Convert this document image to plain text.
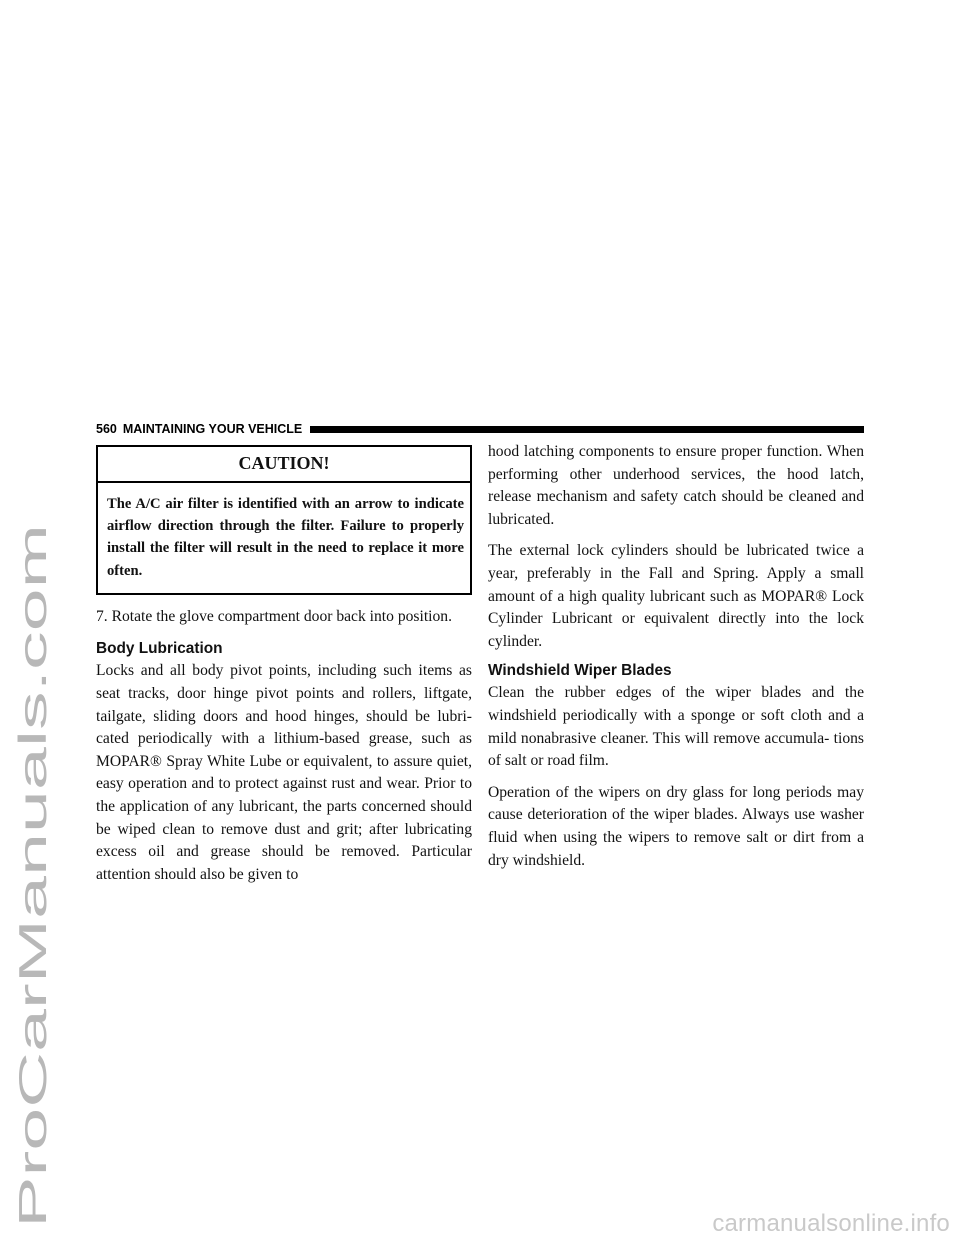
ProCarManuals.com
560 MAINTAINING YOUR VEHICLE
CAUTION!
The A/C air filter is identified with an arrow to indicate airflow direction through the filter. Failure to properly install the filter will result in the need to replace it more often.

7. Rotate the glove compartment door back into position.

Body Lubrication

Locks and all body pivot points, including such items as seat tracks, door hinge pivot points and rollers, liftgate, tailgate, sliding doors and hood hinges, should be lubri- cated periodically with a lithium-based grease, such as MOPAR® Spray White Lube or equivalent, to assure quiet, easy operation and to protect against rust and wear. Prior to the application of any lubricant, the parts concerned should be wiped clean to remove dust and grit; after lubricating excess oil and grease should be removed. Particular attention should also be given to

hood latching components to ensure proper function. When performing other underhood services, the hood latch, release mechanism and safety catch should be cleaned and lubricated.

The external lock cylinders should be lubricated twice a year, preferably in the Fall and Spring. Apply a small amount of a high quality lubricant such as MOPAR® Lock Cylinder Lubricant or equivalent directly into the lock cylinder.

Windshield Wiper Blades

Clean the rubber edges of the wiper blades and the windshield periodically with a sponge or soft cloth and a mild nonabrasive cleaner. This will remove accumula- tions of salt or road film.

Operation of the wipers on dry glass for long periods may cause deterioration of the wiper blades. Always use washer fluid when using the wipers to remove salt or dirt from a dry windshield.

carmanualsonline.info
